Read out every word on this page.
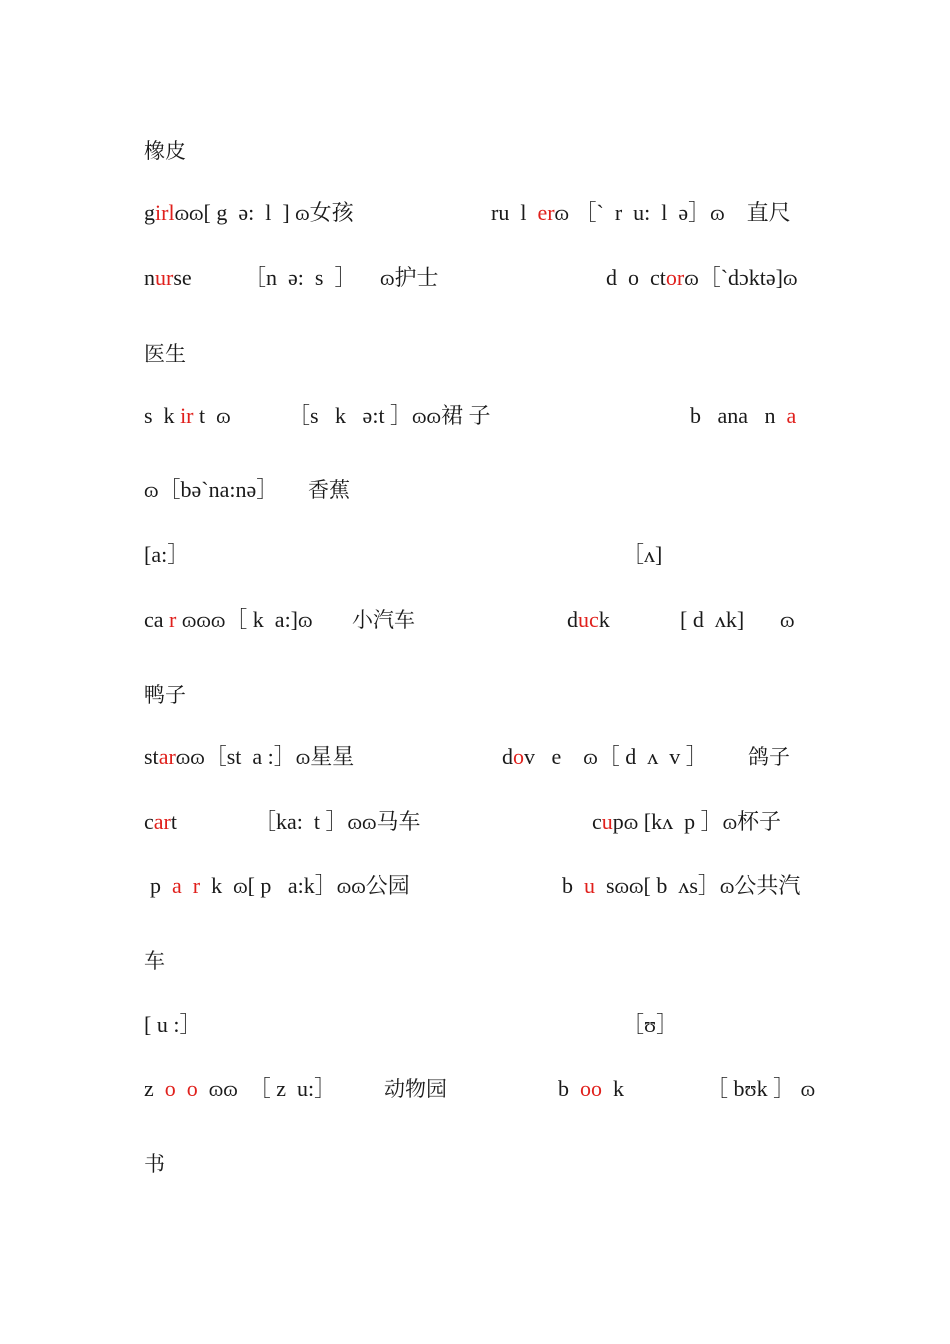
橡皮
girlɷɷ[ g  ə:  l  ] ɷ女孩	ru  l  erɷ ［`  r  u:  l  ə］ɷ    直尺
nurse ［n  ə:  s  ］ ɷ护士	d  o  ctorɷ［`dɔktə]ɷ
医生
s  k ir t  ɷ	［s   k   ə:t ］ɷɷ裙 子	b   ana   n  a
ɷ［bə`na:nə］ 香蕉
[a:］	［ʌ]
ca r ɷɷɷ［ k  a:]ɷ 小汽车	duck	[ d  ʌk] ɷ
鸭子
starɷɷ［st  a :］ɷ星星	dov   e    ɷ［ d  ʌ  v ］ 鸽子
cart	［ka:  t ］ɷɷ马车	cupɷ [kʌ  p ］ɷ杯子
p  a  r  k  ɷ[ p   a:k］ɷɷ公园	b  u  sɷɷ[ b  ʌs］ɷ公共汽
车
[ u :］	［ʊ］
z  o  o  ɷɷ  ［ z  u:］ 动物园	b  oo  k	［ bʊk ］ ɷ
书
